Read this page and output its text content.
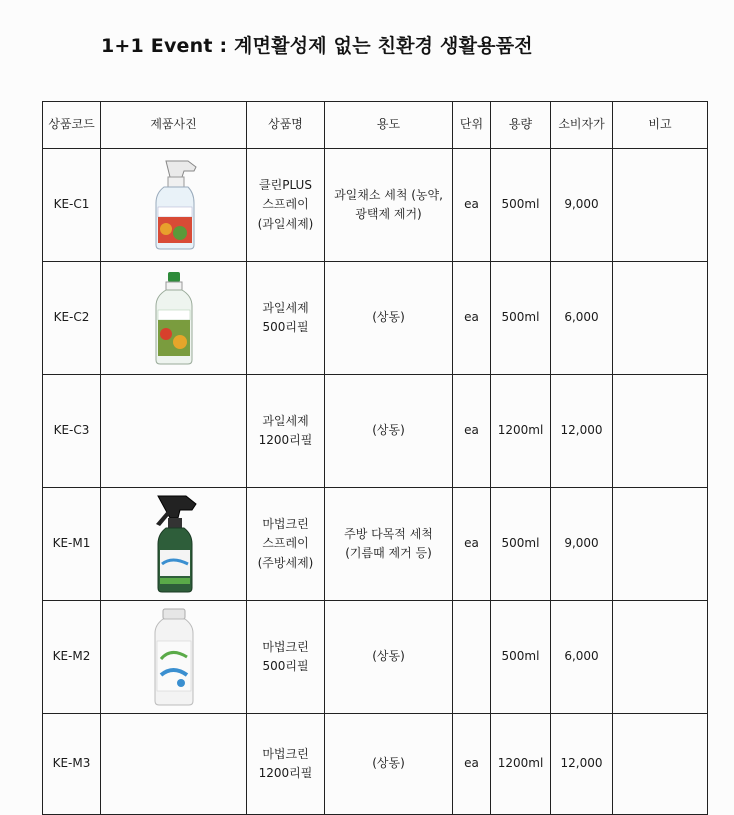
1+1 Event : 계면활성제 없는 친환경 생활용품전
상품코드	제품사진	상품명	용도	단위	용량	소비자가	비고
KE-C1		클린PLUS 스프레이 (과일세제)	과일채소 세척 (농약,광택제 제거)	ea	500ml	9,000	
KE-C2		과일세제 500리필	(상동)	ea	500ml	6,000	
KE-C3		과일세제 1200리필	(상동)	ea	1200ml	12,000	
KE-M1		마법크린 스프레이(주방세제)	주방 다목적 세척 (기름때 제거 등)	ea	500ml	9,000	
KE-M2		마법크린 500리필	(상동)		500ml	6,000	
KE-M3		마법크린 1200리필	(상동)	ea	1200ml	12,000	
